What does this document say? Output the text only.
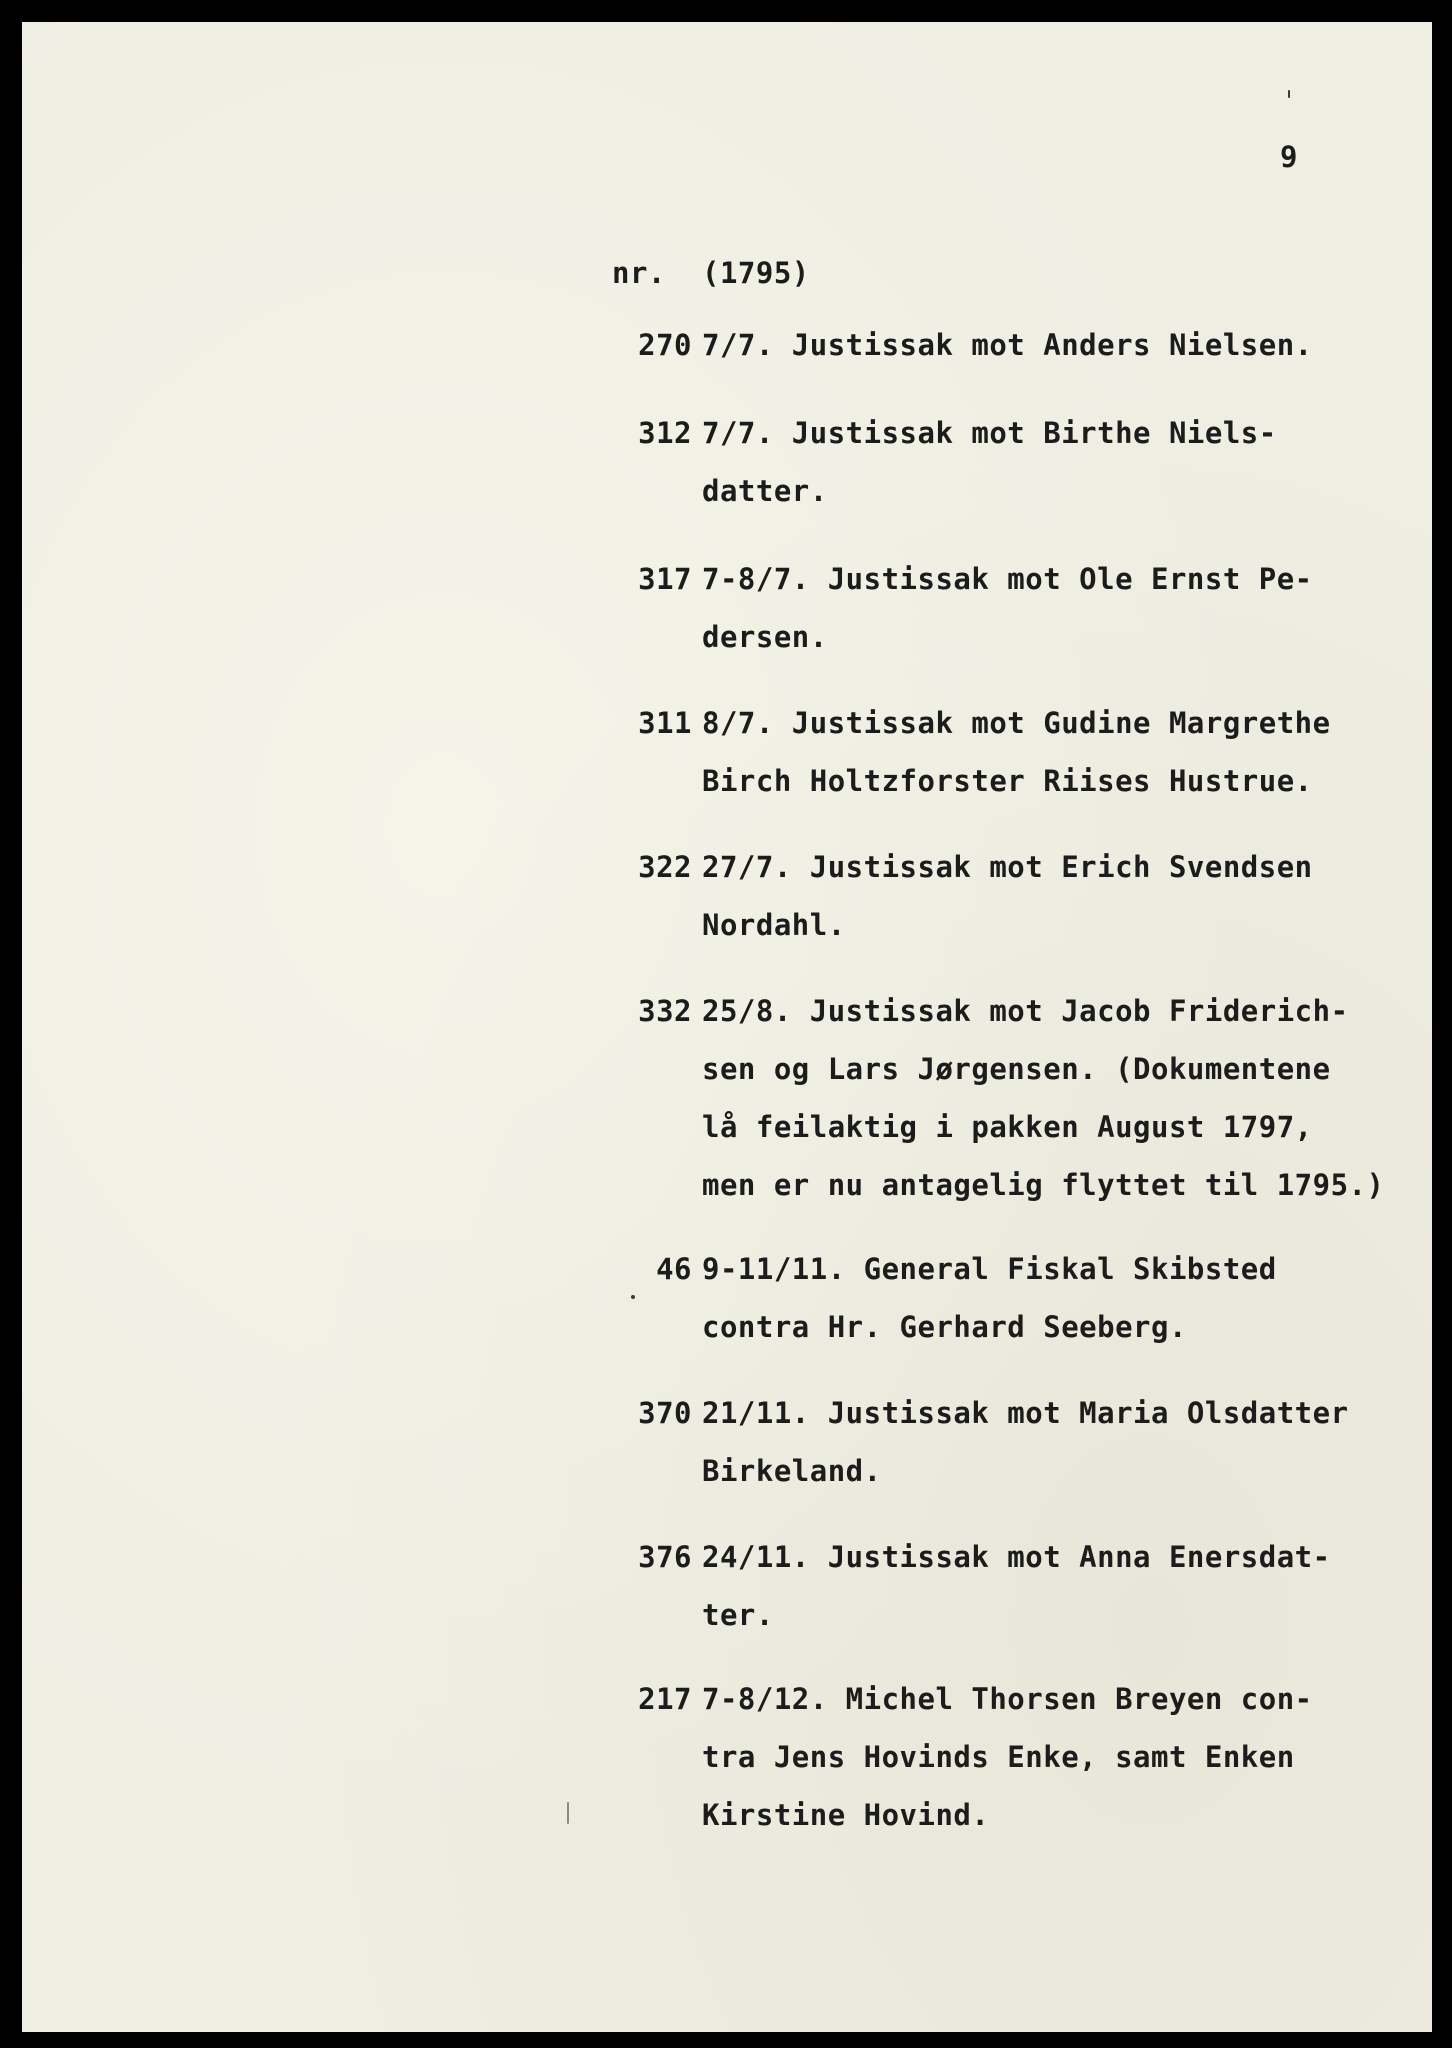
9
nr. (1795)
270 7/7. Justissak mot Anders Nielsen.
312 7/7. Justissak mot Birthe Niels-
datter.
317 7-8/7. Justissak mot Ole Ernst Pe-
dersen.
311 8/7. Justissak mot Gudine Margrethe
Birch Holtzforster Riises Hustrue.
322 27/7. Justissak mot Erich Svendsen
Nordahl.
332 25/8. Justissak mot Jacob Friderich-
sen og Lars Jørgensen. (Dokumentene
lå feilaktig i pakken August 1797,
men er nu antagelig flyttet til 1795.)
46 9-11/11. General Fiskal Skibsted
contra Hr. Gerhard Seeberg.
370 21/11. Justissak mot Maria Olsdatter
Birkeland.
376 24/11. Justissak mot Anna Enersdat-
ter.
217 7-8/12. Michel Thorsen Breyen con-
tra Jens Hovinds Enke, samt Enken
Kirstine Hovind.
